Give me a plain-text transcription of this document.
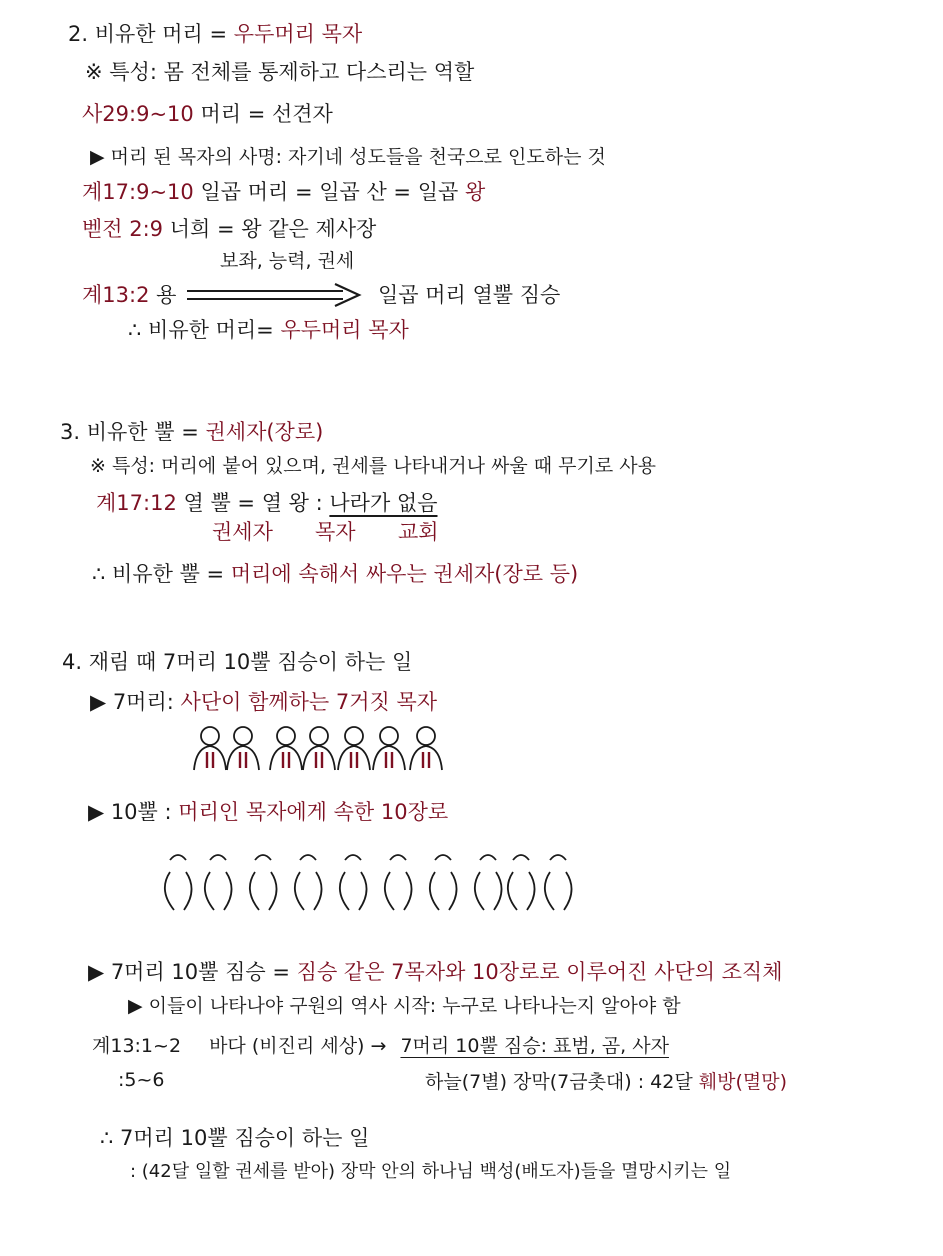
2. 비유한 머리 = 우두머리 목자
※ 특성: 몸 전체를 통제하고 다스리는 역할
사29:9~10 머리 = 선견자
▶ 머리 된 목자의 사명: 자기네 성도들을 천국으로 인도하는 것
계17:9~10 일곱 머리 = 일곱 산 = 일곱 왕
벧전 2:9 너희 = 왕 같은 제사장
보좌, 능력, 권세
계13:2 용	일곱 머리 열뿔 짐승
∴ 비유한 머리= 우두머리 목자
3. 비유한 뿔 = 권세자(장로)
※ 특성: 머리에 붙어 있으며, 권세를 나타내거나 싸울 때 무기로 사용
계17:12 열 뿔 = 열 왕 : 나라가 없음
권세자 목자 교회
∴ 비유한 뿔 = 머리에 속해서 싸우는 권세자(장로 등)
4. 재림 때 7머리 10뿔 짐승이 하는 일
▶ 7머리: 사단이 함께하는 7거짓 목자
▶ 10뿔 : 머리인 목자에게 속한 10장로
▶ 7머리 10뿔 짐승 = 짐승 같은 7목자와 10장로로 이루어진 사단의 조직체
▶ 이들이 나타나야 구원의 역사 시작: 누구로 나타나는지 알아야 함
계13:1~2 바다 (비진리 세상) → 7머리 10뿔 짐승: 표범, 곰, 사자
:5~6	하늘(7별) 장막(7금촛대) : 42달 훼방(멸망)
∴ 7머리 10뿔 짐승이 하는 일
: (42달 일할 권세를 받아) 장막 안의 하나님 백성(배도자)들을 멸망시키는 일
